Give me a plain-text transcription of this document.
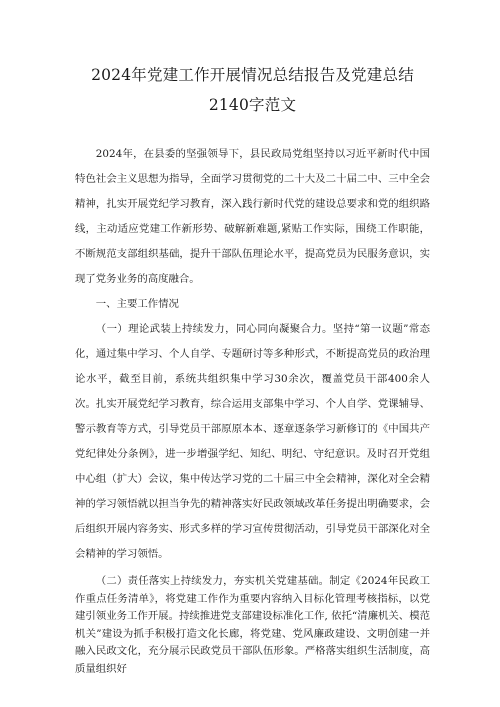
2024年党建工作开展情况总结报告及党建总结2140字范文

2024年，在县委的坚强领导下，县民政局党组坚持以习近平新时代中国特色社会主义思想为指导，全面学习贯彻党的二十大及二十届二中、三中全会精神，扎实开展党纪学习教育，深入践行新时代党的建设总要求和党的组织路线，主动适应党建工作新形势、破解新难题,紧贴工作实际，围绕工作职能，不断规范支部组织基础，提升干部队伍理论水平，提高党员为民服务意识，实现了党务业务的高度融合。

一、主要工作情况

（一）理论武装上持续发力，同心同向凝聚合力。坚持“第一议题”常态化，通过集中学习、个人自学、专题研讨等多种形式，不断提高党员的政治理论水平，截至目前，系统共组织集中学习30余次，覆盖党员干部400余人次。扎实开展党纪学习教育，综合运用支部集中学习、个人自学、党课辅导、警示教育等方式，引导党员干部原原本本、逐章逐条学习新修订的《中国共产党纪律处分条例》，进一步增强学纪、知纪、明纪、守纪意识。及时召开党组中心组（扩大）会议，集中传达学习党的二十届三中全会精神，深化对全会精神的学习领悟就以担当争先的精神落实好民政领域改革任务提出明确要求，会后组织开展内容务实、形式多样的学习宣传贯彻活动，引导党员干部深化对全会精神的学习领悟。

（二）责任落实上持续发力，夯实机关党建基础。制定《2024年民政工作重点任务清单》，将党建工作作为重要内容纳入目标化管理考核指标，以党建引领业务工作开展。持续推进党支部建设标准化工作, 依托“清廉机关、模范机关”建设为抓手积极打造文化长廊，将党建、党风廉政建设、文明创建一并融入民政文化，充分展示民政党员干部队伍形象。严格落实组织生活制度，高质量组织好
